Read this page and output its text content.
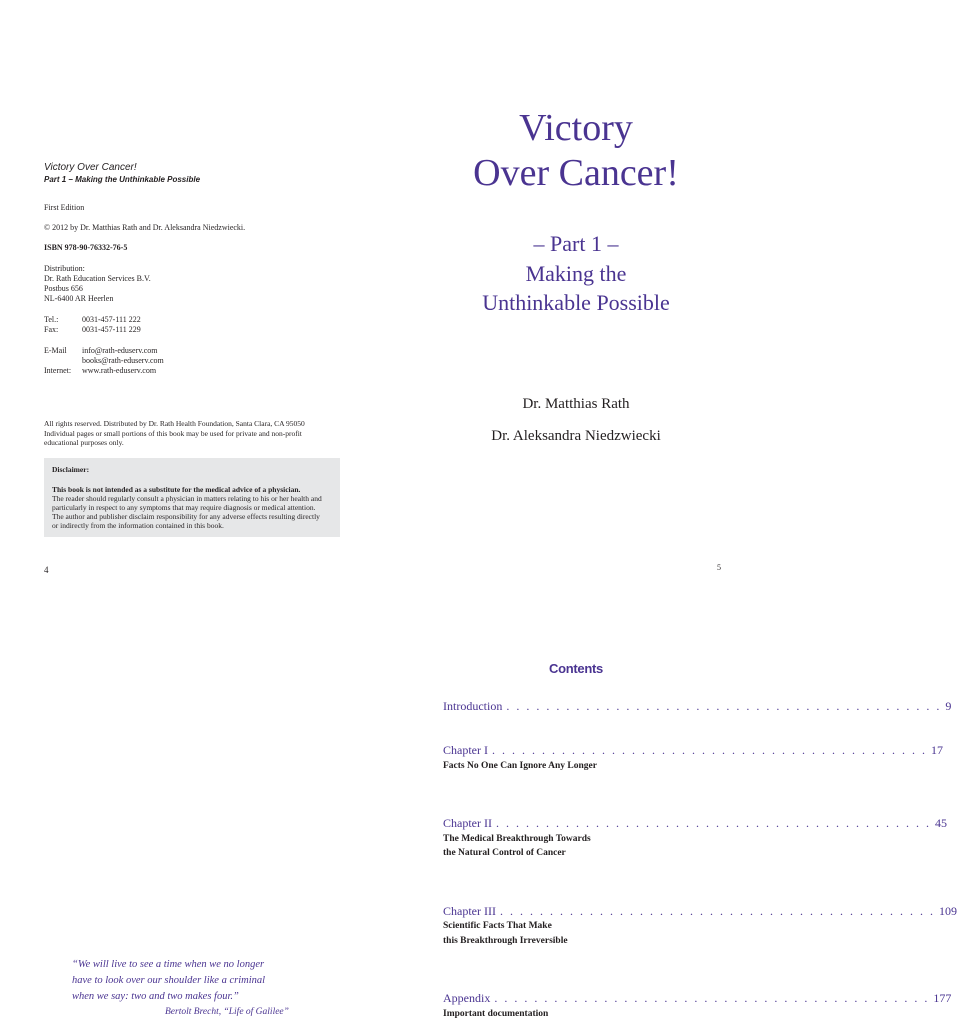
Victory Over Cancer!
Part 1 – Making the Unthinkable Possible
First Edition
© 2012 by Dr. Matthias Rath and Dr. Aleksandra Niedzwiecki.
ISBN 978-90-76332-76-5
Distribution:
Dr. Rath Education Services B.V.
Postbus 656
NL-6400 AR Heerlen
Tel.:	0031-457-111 222
Fax:	0031-457-111 229
E-Mail info@rath-eduserv.com
books@rath-eduserv.com
Internet: www.rath-eduserv.com
All rights reserved. Distributed by Dr. Rath Health Foundation, Santa Clara, CA 95050
Individual pages or small portions of this book may be used for private and non-profit
educational purposes only.
Disclaimer:
This book is not intended as a substitute for the medical advice of a physician.
The reader should regularly consult a physician in matters relating to his or her health and
particularly in respect to any symptoms that may require diagnosis or medical attention.
The author and publisher disclaim responsibility for any adverse effects resulting directly
or indirectly from the information contained in this book.
4
“We will live to see a time when we no longer
have to look over our shoulder like a criminal
when we say: two and two makes four.”
Bertolt Brecht, “Life of Galilee”
Victory
Over Cancer!
– Part 1 –
Making the
Unthinkable Possible
Dr. Matthias Rath
Dr. Aleksandra Niedzwiecki
5
Contents
Introduction . . . . . . . . . . . . . . . . . . . . . . . . . . . . . . . . . . . . . . . . . . . . 9
Chapter I . . . . . . . . . . . . . . . . . . . . . . . . . . . . . . . . . . . . . . . . . . . . 17
Facts No One Can Ignore Any Longer
Chapter II . . . . . . . . . . . . . . . . . . . . . . . . . . . . . . . . . . . . . . . . . . . . 45
The Medical Breakthrough Towards
the Natural Control of Cancer
Chapter III . . . . . . . . . . . . . . . . . . . . . . . . . . . . . . . . . . . . . . . . . . . . 109
Scientific Facts That Make
this Breakthrough Irreversible
Appendix . . . . . . . . . . . . . . . . . . . . . . . . . . . . . . . . . . . . . . . . . . . . 177
Important documentation
